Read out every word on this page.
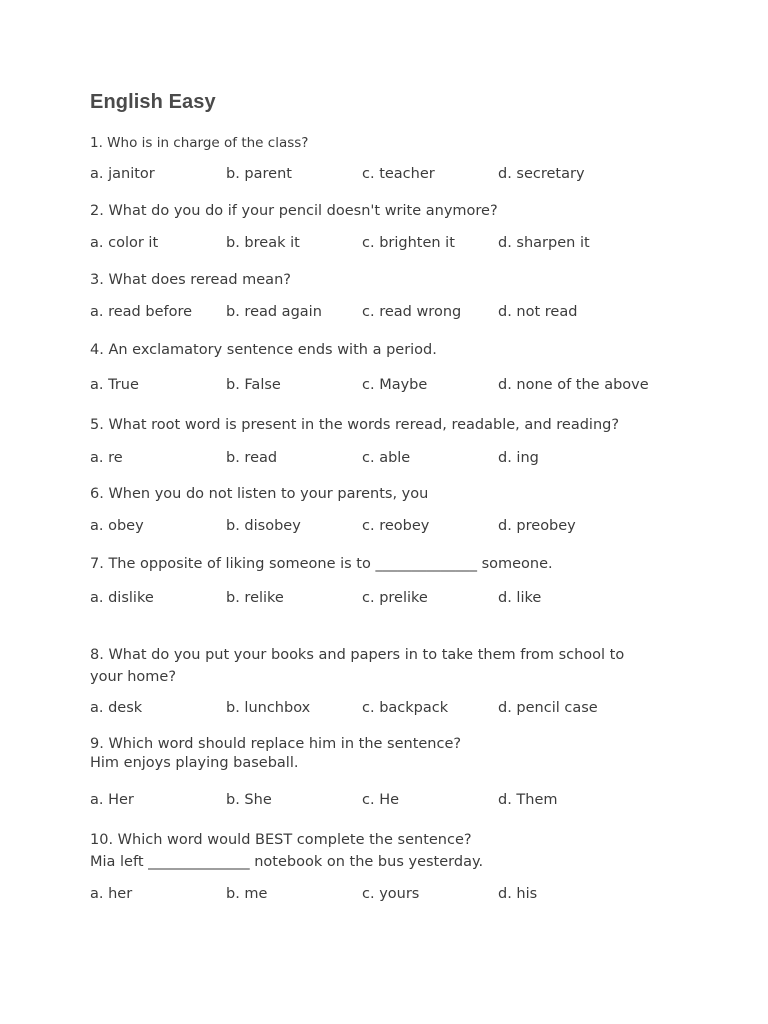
English Easy
1. Who is in charge of the class?
a. janitor	b. parent	c. teacher	d. secretary
2. What do you do if your pencil doesn't write anymore?
a. color it	b. break it	c. brighten it	d. sharpen it
3. What does reread mean?
a. read before b. read again	c. read wrong	d. not read
4. An exclamatory sentence ends with a period.
a. True	b. False	c. Maybe	d. none of the above
5. What root word is present in the words reread, readable, and reading?
a. re	b. read	c. able	d. ing
6. When you do not listen to your parents, you
a. obey	b. disobey	c. reobey	d. preobey
7. The opposite of liking someone is to ______________ someone.
a. dislike	b. relike	c. prelike	d. like
8. What do you put your books and papers in to take them from school to
your home?
a. desk	b. lunchbox	c. backpack	d. pencil case
9. Which word should replace him in the sentence?
Him enjoys playing baseball.
a. Her	b. She	c. He	d. Them
10. Which word would BEST complete the sentence?
Mia left ______________ notebook on the bus yesterday.
a. her	b. me	c. yours	d. his
